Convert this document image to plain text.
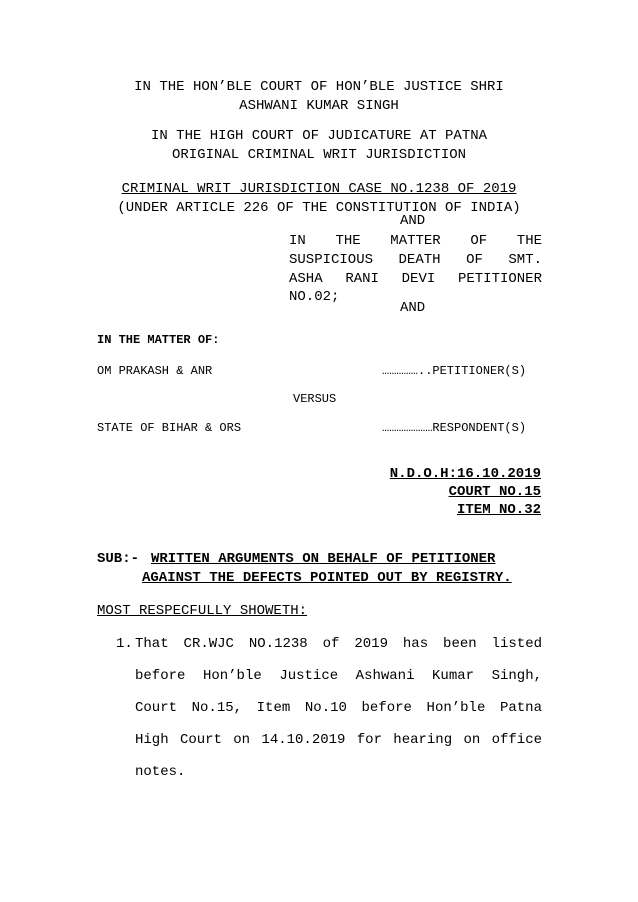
IN THE HON’BLE COURT OF HON’BLE JUSTICE SHRI
ASHWANI KUMAR SINGH
IN THE HIGH COURT OF JUDICATURE AT PATNA
ORIGINAL CRIMINAL WRIT JURISDICTION
CRIMINAL WRIT JURISDICTION CASE NO.1238 OF 2019
(UNDER ARTICLE 226 OF THE CONSTITUTION OF INDIA)
AND
IN THE MATTER OF THE
SUSPICIOUS DEATH OF SMT.
ASHA RANI DEVI PETITIONER
NO.02;
AND
IN THE MATTER OF:
OM PRAKASH & ANR	……………..PETITIONER(S)
VERSUS
STATE OF BIHAR & ORS	…………………RESPONDENT(S)
N.D.O.H:16.10.2019
COURT NO.15
ITEM NO.32
SUB:- WRITTEN ARGUMENTS ON BEHALF OF PETITIONER
AGAINST THE DEFECTS POINTED OUT BY REGISTRY.
MOST RESPECFULLY SHOWETH:
1. That CR.WJC NO.1238 of 2019 has been listed
before Hon’ble Justice Ashwani Kumar Singh,
Court No.15, Item No.10 before Hon’ble Patna
High Court on 14.10.2019 for hearing on office
notes.
